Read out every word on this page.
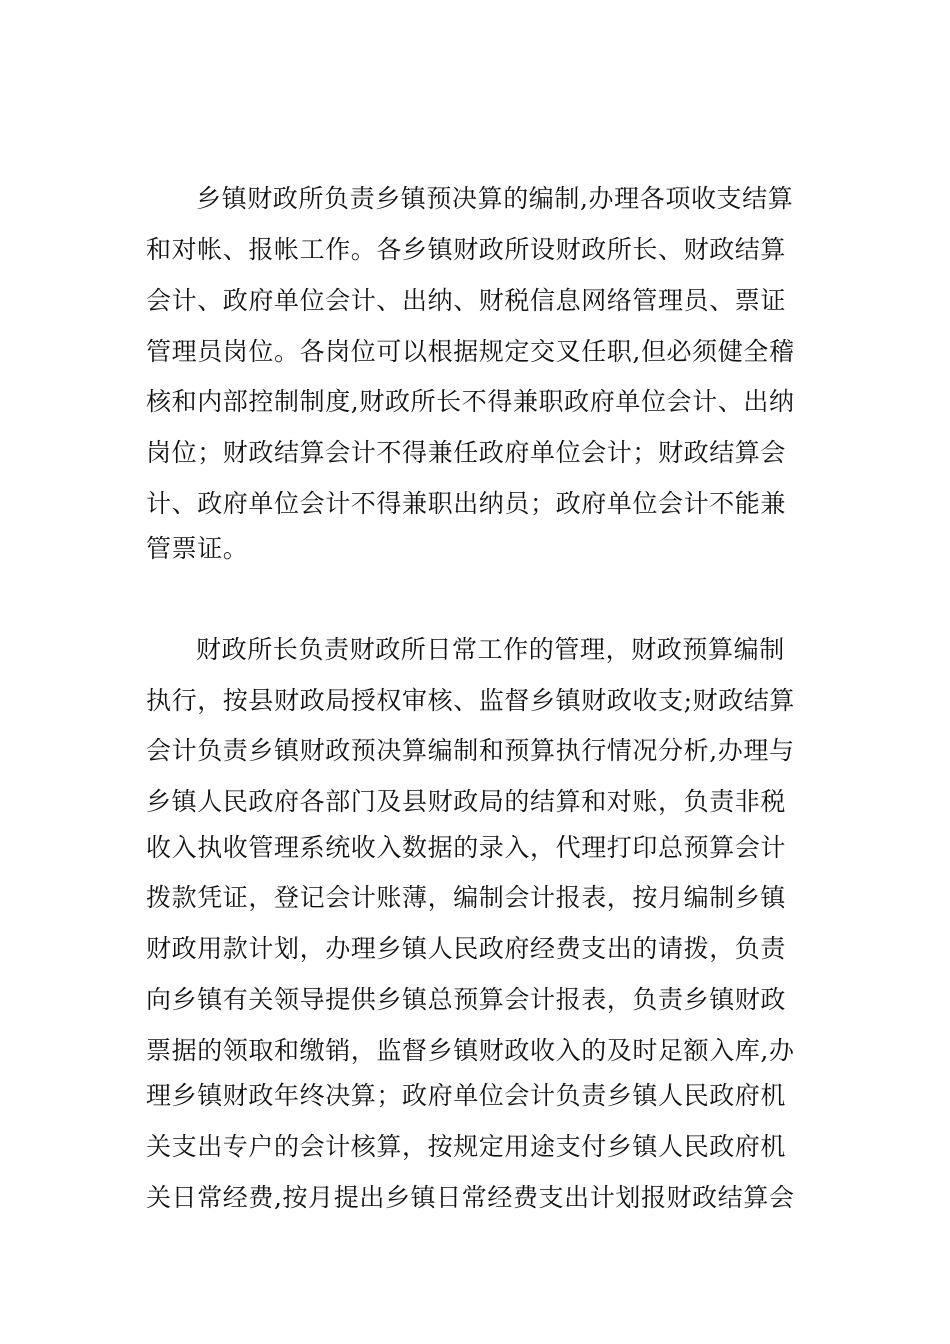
乡镇财政所负责乡镇预决算的编制,办理各项收支结算
和对帐、报帐工作。各乡镇财政所设财政所长、财政结算
会计、政府单位会计、出纳、财税信息网络管理员、票证
管理员岗位。各岗位可以根据规定交叉任职,但必须健全稽
核和内部控制制度,财政所长不得兼职政府单位会计、出纳
岗位；财政结算会计不得兼任政府单位会计；财政结算会
计、政府单位会计不得兼职出纳员；政府单位会计不能兼
管票证。
财政所长负责财政所日常工作的管理，财政预算编制
执行，按县财政局授权审核、监督乡镇财政收支;财政结算
会计负责乡镇财政预决算编制和预算执行情况分析,办理与
乡镇人民政府各部门及县财政局的结算和对账，负责非税
收入执收管理系统收入数据的录入，代理打印总预算会计
拨款凭证，登记会计账薄，编制会计报表，按月编制乡镇
财政用款计划，办理乡镇人民政府经费支出的请拨，负责
向乡镇有关领导提供乡镇总预算会计报表，负责乡镇财政
票据的领取和缴销，监督乡镇财政收入的及时足额入库,办
理乡镇财政年终决算；政府单位会计负责乡镇人民政府机
关支出专户的会计核算，按规定用途支付乡镇人民政府机
关日常经费,按月提出乡镇日常经费支出计划报财政结算会
